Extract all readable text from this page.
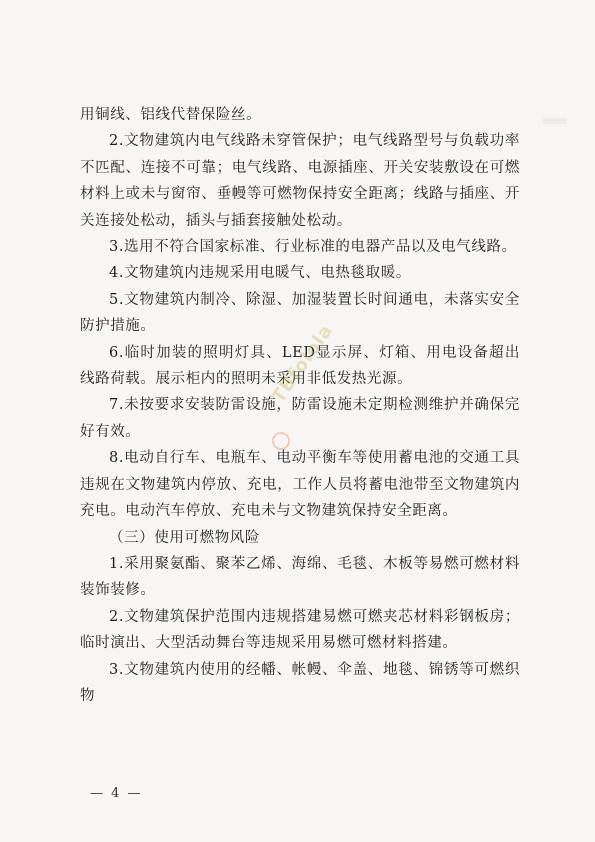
用铜线、铝线代替保险丝。

2.文物建筑内电气线路未穿管保护；电气线路型号与负载功率不匹配、连接不可靠；电气线路、电源插座、开关安装敷设在可燃材料上或未与窗帘、垂幔等可燃物保持安全距离；线路与插座、开关连接处松动，插头与插套接触处松动。

3.选用不符合国家标准、行业标准的电器产品以及电气线路。

4.文物建筑内违规采用电暖气、电热毯取暖。

5.文物建筑内制冷、除湿、加湿装置长时间通电，未落实安全防护措施。

6.临时加装的照明灯具、LED显示屏、灯箱、用电设备超出线路荷载。展示柜内的照明未采用非低发热光源。

7.未按要求安装防雷设施，防雷设施未定期检测维护并确保完好有效。

8.电动自行车、电瓶车、电动平衡车等使用蓄电池的交通工具违规在文物建筑内停放、充电，工作人员将蓄电池带至文物建筑内充电。电动汽车停放、充电未与文物建筑保持安全距离。

（三）使用可燃物风险

1.采用聚氨酯、聚苯乙烯、海绵、毛毯、木板等易燃可燃材料装饰装修。

2.文物建筑保护范围内违规搭建易燃可燃夹芯材料彩钢板房；临时演出、大型活动舞台等违规采用易燃可燃材料搭建。

3.文物建筑内使用的经幡、帐幔、伞盖、地毯、锦锈等可燃织物

TBfolola
— 4 —
